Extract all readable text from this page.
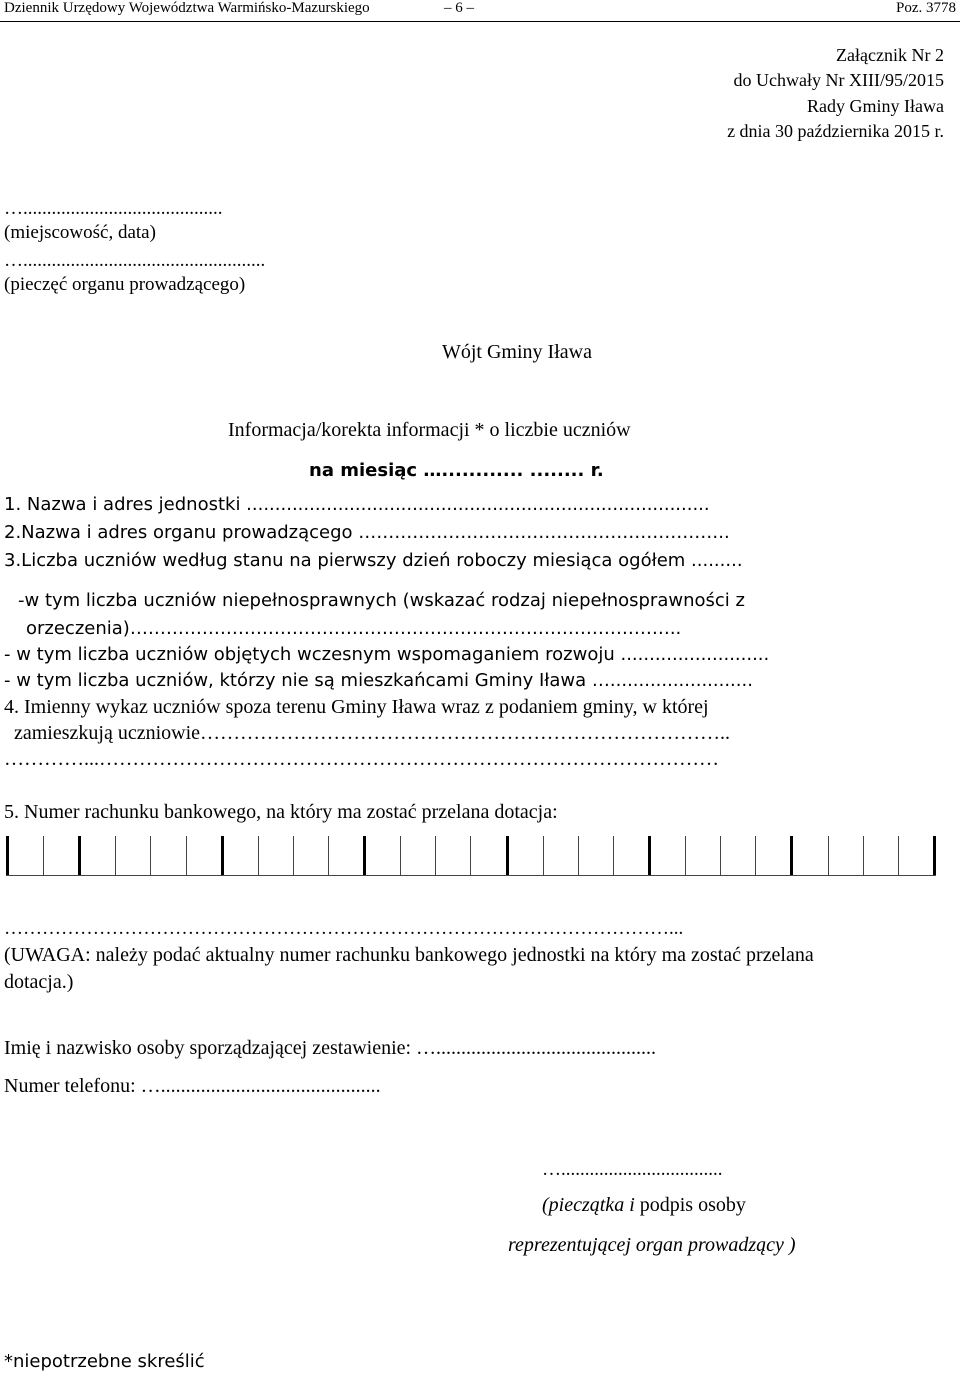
Dziennik Urzędowy Województwa Warmińsko-Mazurskiego	– 6 –	Poz. 3778
Załącznik Nr 2
do Uchwały Nr XIII/95/2015
Rady Gminy Iława
z dnia 30 października 2015 r.
…..........................................
(miejscowość, data)
…...................................................
(pieczęć organu prowadzącego)
Wójt Gminy Iława
Informacja/korekta informacji * o liczbie uczniów
na miesiąc …............ ........ r.
1. Nazwa i adres jednostki .................................................................................
2.Nazwa i adres organu prowadzącego ……………………………………………………..
3.Liczba uczniów według stanu na pierwszy dzień roboczy miesiąca ogółem .........
-w tym liczba uczniów niepełnosprawnych (wskazać rodzaj niepełnosprawności z
orzeczenia)………………………………………………………………………………..
- w tym liczba uczniów objętych wczesnym wspomaganiem rozwoju ..........................
- w tym liczba uczniów, którzy nie są mieszkańcami Gminy Iława ….........................
4. Imienny wykaz uczniów spoza terenu Gminy Iława wraz z podaniem gminy, w której
zamieszkują uczniowie……………………………………………………………………..
…………...…………………………………………………………………………………
5. Numer rachunku bankowego, na który ma zostać przelana dotacja:
……………………………………………………………………………………………...
(UWAGA: należy podać aktualny numer rachunku bankowego jednostki na który ma zostać przelana
dotacja.)
Imię i nazwisko osoby sporządzającej zestawienie: …............................................
Numer telefonu: …............................................
…..................................
(pieczątka i podpis osoby
reprezentującej organ prowadzący )
*niepotrzebne skreślić
